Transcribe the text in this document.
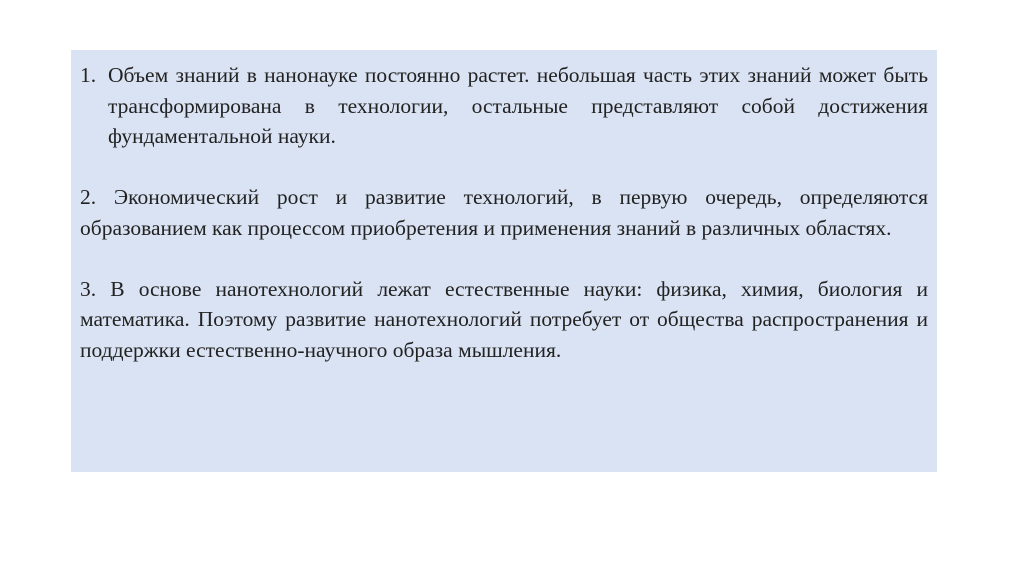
1. Объем знаний в нанонауке постоянно растет. небольшая часть этих знаний может быть трансформирована в технологии, остальные представляют собой достижения фундаментальной науки.

2. Экономический рост и развитие технологий, в первую очередь, определяются образованием как процессом приобретения и применения знаний в различных областях.

3. В основе нанотехнологий лежат естественные науки: физика, химия, биология и математика. Поэтому развитие нанотехнологий потребует от общества распространения и поддержки естественно-научного образа мышления.
